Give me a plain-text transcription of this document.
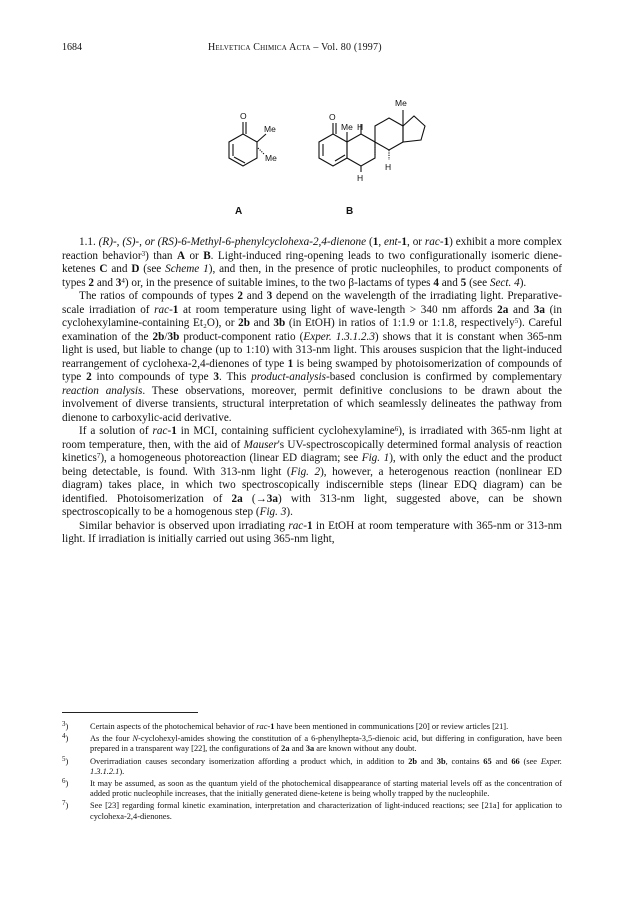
1684	Helvetica Chimica Acta – Vol. 80 (1997)
O
Me
Me
O
Me H
Me
H
H
A	B

1.1. (R)-, (S)-, or (RS)-6-Methyl-6-phenylcyclohexa-2,4-dienone (1, ent-1, or rac-1) exhibit a more complex reaction behavior$^3$) than A or B. Light-induced ring-opening leads to two configurationally isomeric diene-ketenes C and D (see Scheme 1), and then, in the presence of protic nucleophiles, to product components of types 2 and $3^4$) or, in the presence of suitable imines, to the two β-lactams of types 4 and 5 (see Sect. 4).

The ratios of compounds of types 2 and 3 depend on the wavelength of the irradiating light. Preparative-scale irradiation of rac-1 at room temperature using light of wave-length > 340 nm affords 2a and 3a (in cyclohexylamine-containing Et₂O), or 2b and 3b (in EtOH) in ratios of 1:1.9 or 1:1.8, respectively$^5$). Careful examination of the 2b/3b product-component ratio (Exper. 1.3.1.2.3) shows that it is constant when 365-nm light is used, but liable to change (up to 1:10) with 313-nm light. This arouses suspicion that the light-induced rearrangement of cyclohexa-2,4-dienones of type 1 is being swamped by photoisomerization of compounds of type 2 into compounds of type 3. This product-analysis-based conclusion is confirmed by complementary reaction analysis. These observations, moreover, permit definitive conclusions to be drawn about the involvement of diverse transients, structural interpretation of which seamlessly delineates the pathway from dienone to carboxylic-acid derivative.

If a solution of rac-1 in MCI, containing sufficient cyclohexylamine$^6$), is irradiated with 365-nm light at room temperature, then, with the aid of Mauser's UV-spectroscopically determined formal analysis of reaction kinetics$^7$), a homogeneous photoreaction (linear ED diagram; see Fig. 1), with only the educt and the product being detectable, is found. With 313-nm light (Fig. 2), however, a heterogenous reaction (nonlinear ED diagram) takes place, in which two spectroscopically indiscernible steps (linear EDQ diagram) can be identified. Photoisomerization of 2a (→3a) with 313-nm light, suggested above, can be shown spectroscopically to be a homogenous step (Fig. 3).

Similar behavior is observed upon irradiating rac-1 in EtOH at room temperature with 365-nm or 313-nm light. If irradiation is initially carried out using 365-nm light,

$^3$)	Certain aspects of the photochemical behavior of rac-1 have been mentioned in communications [20] or review articles [21].
$^4$)	As the four N-cyclohexyl-amides showing the constitution of a 6-phenylhepta-3,5-dienoic acid, but differing in configuration, have been prepared in a transparent way [22], the configurations of 2a and 3a are known without any doubt.
$^5$)	Overirradiation causes secondary isomerization affording a product which, in addition to 2b and 3b, contains 65 and 66 (see Exper. 1.3.1.2.1).
$^6$)	It may be assumed, as soon as the quantum yield of the photochemical disappearance of starting material levels off as the concentration of added protic nucleophile increases, that the initially generated diene-ketene is being wholly trapped by the nucleophile.
$^7$)	See [23] regarding formal kinetic examination, interpretation and characterization of light-induced reactions; see [21a] for application to cyclohexa-2,4-dienones.
